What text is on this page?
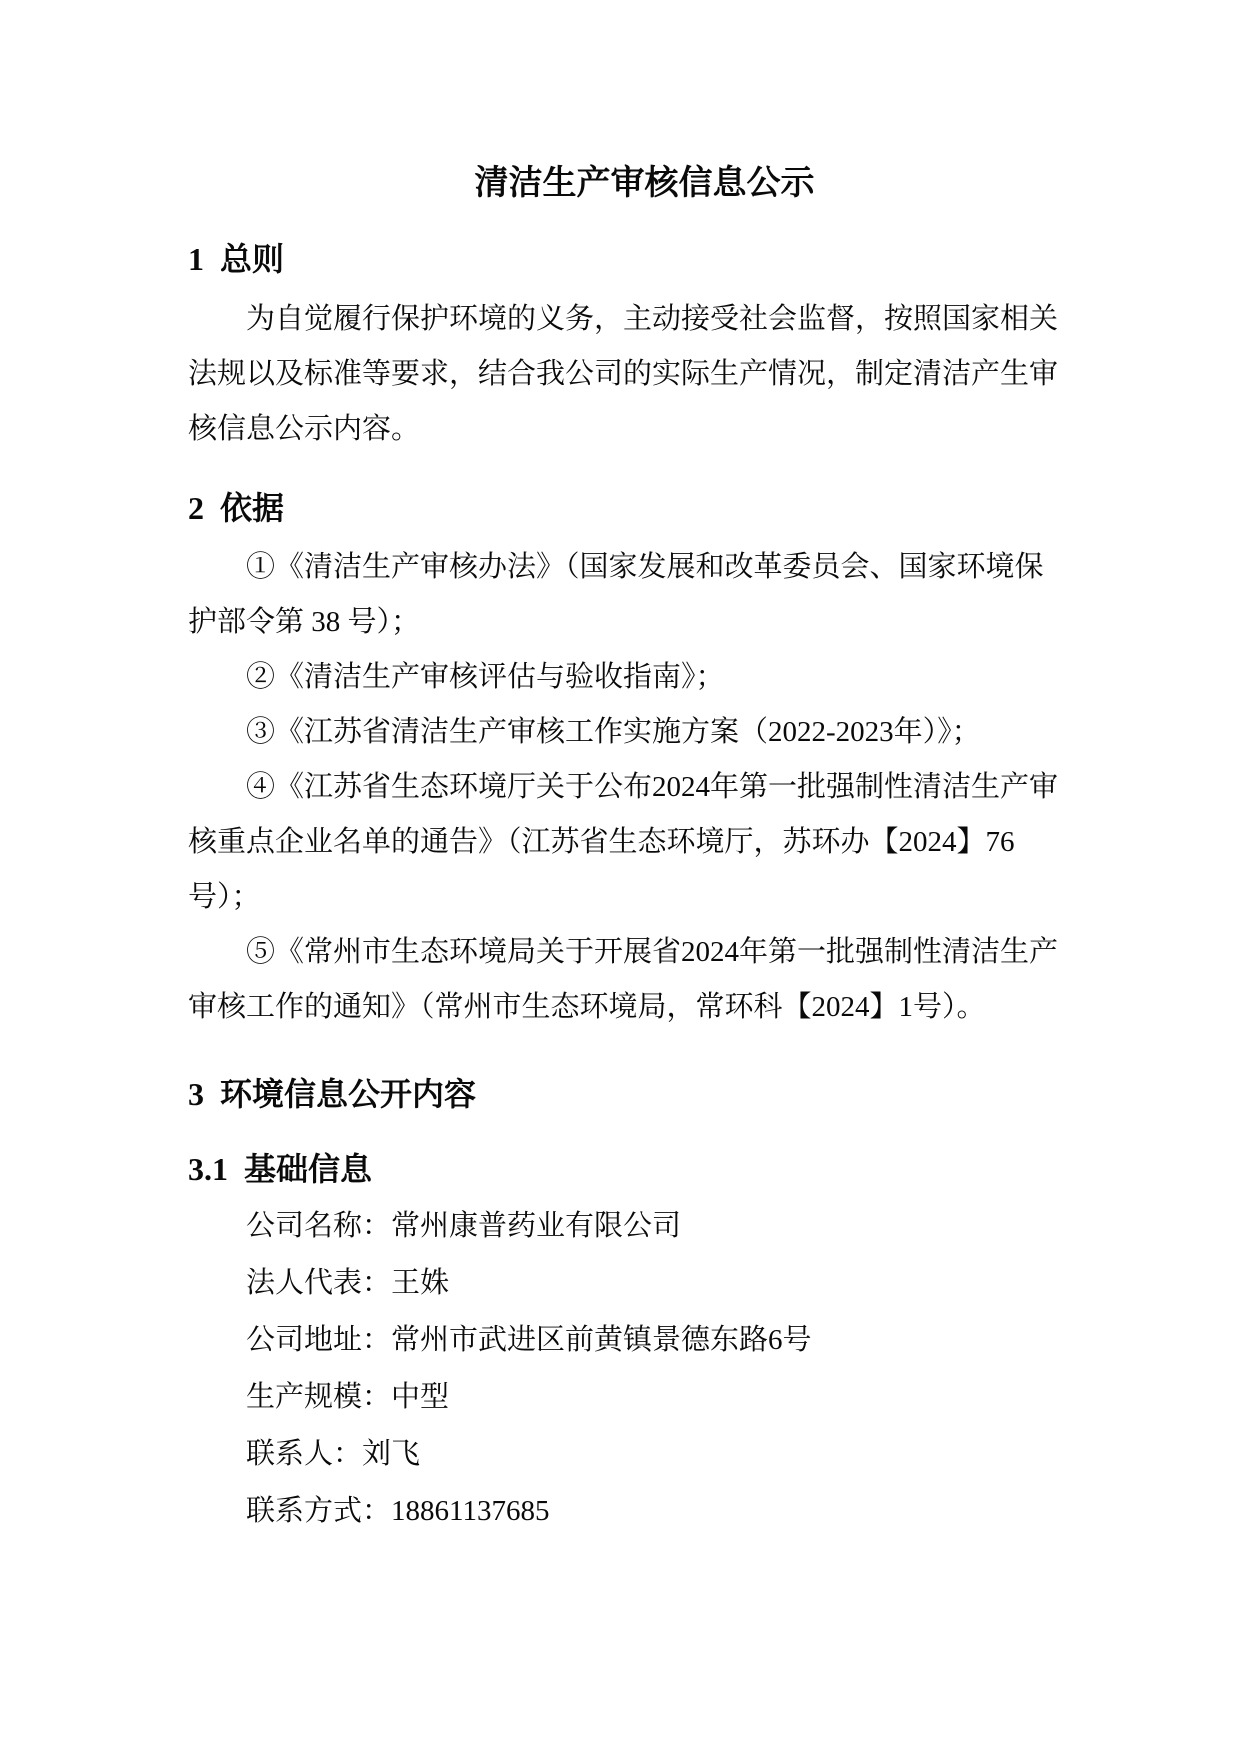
清洁生产审核信息公示
1 总则
为自觉履行保护环境的义务，主动接受社会监督，按照国家相关
法规以及标准等要求，结合我公司的实际生产情况，制定清洁产生审
核信息公示内容。
2 依据
①《清洁生产审核办法》（国家发展和改革委员会、国家环境保
护部令第 38 号）；
②《清洁生产审核评估与验收指南》；
③《江苏省清洁生产审核工作实施方案（2022-2023年）》；
④《江苏省生态环境厅关于公布2024年第一批强制性清洁生产审
核重点企业名单的通告》（江苏省生态环境厅，苏环办【2024】76
号）；
⑤《常州市生态环境局关于开展省2024年第一批强制性清洁生产
审核工作的通知》（常州市生态环境局，常环科【2024】1号）。
3 环境信息公开内容
3.1 基础信息
公司名称：常州康普药业有限公司
法人代表：王姝
公司地址：常州市武进区前黄镇景德东路6号
生产规模：中型
联系人：刘飞
联系方式：18861137685
